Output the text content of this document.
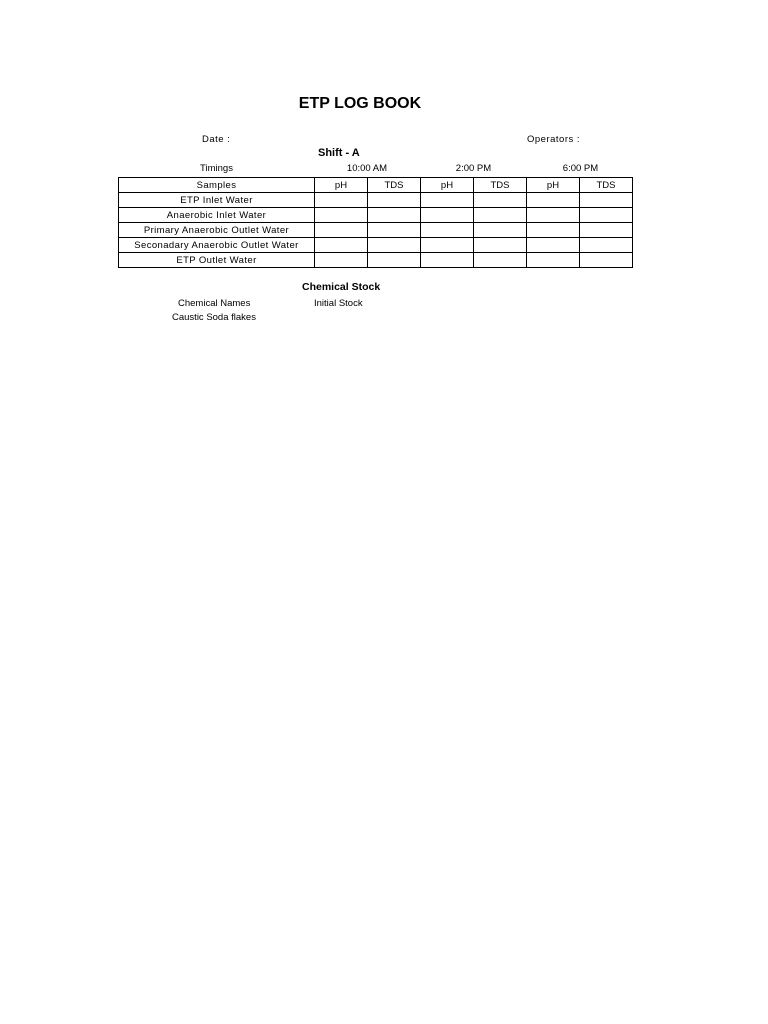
ETP LOG BOOK
Date :	Operators :
Shift - A
Timings	10:00 AM	2:00 PM	6:00 PM
Samples	pH	TDS	pH	TDS	pH	TDS
ETP Inlet Water						
Anaerobic Inlet Water						
Primary Anaerobic Outlet Water						
Seconadary Anaerobic Outlet Water						
ETP Outlet Water						
Chemical Stock
Chemical Names	Initial Stock
Caustic Soda flakes
